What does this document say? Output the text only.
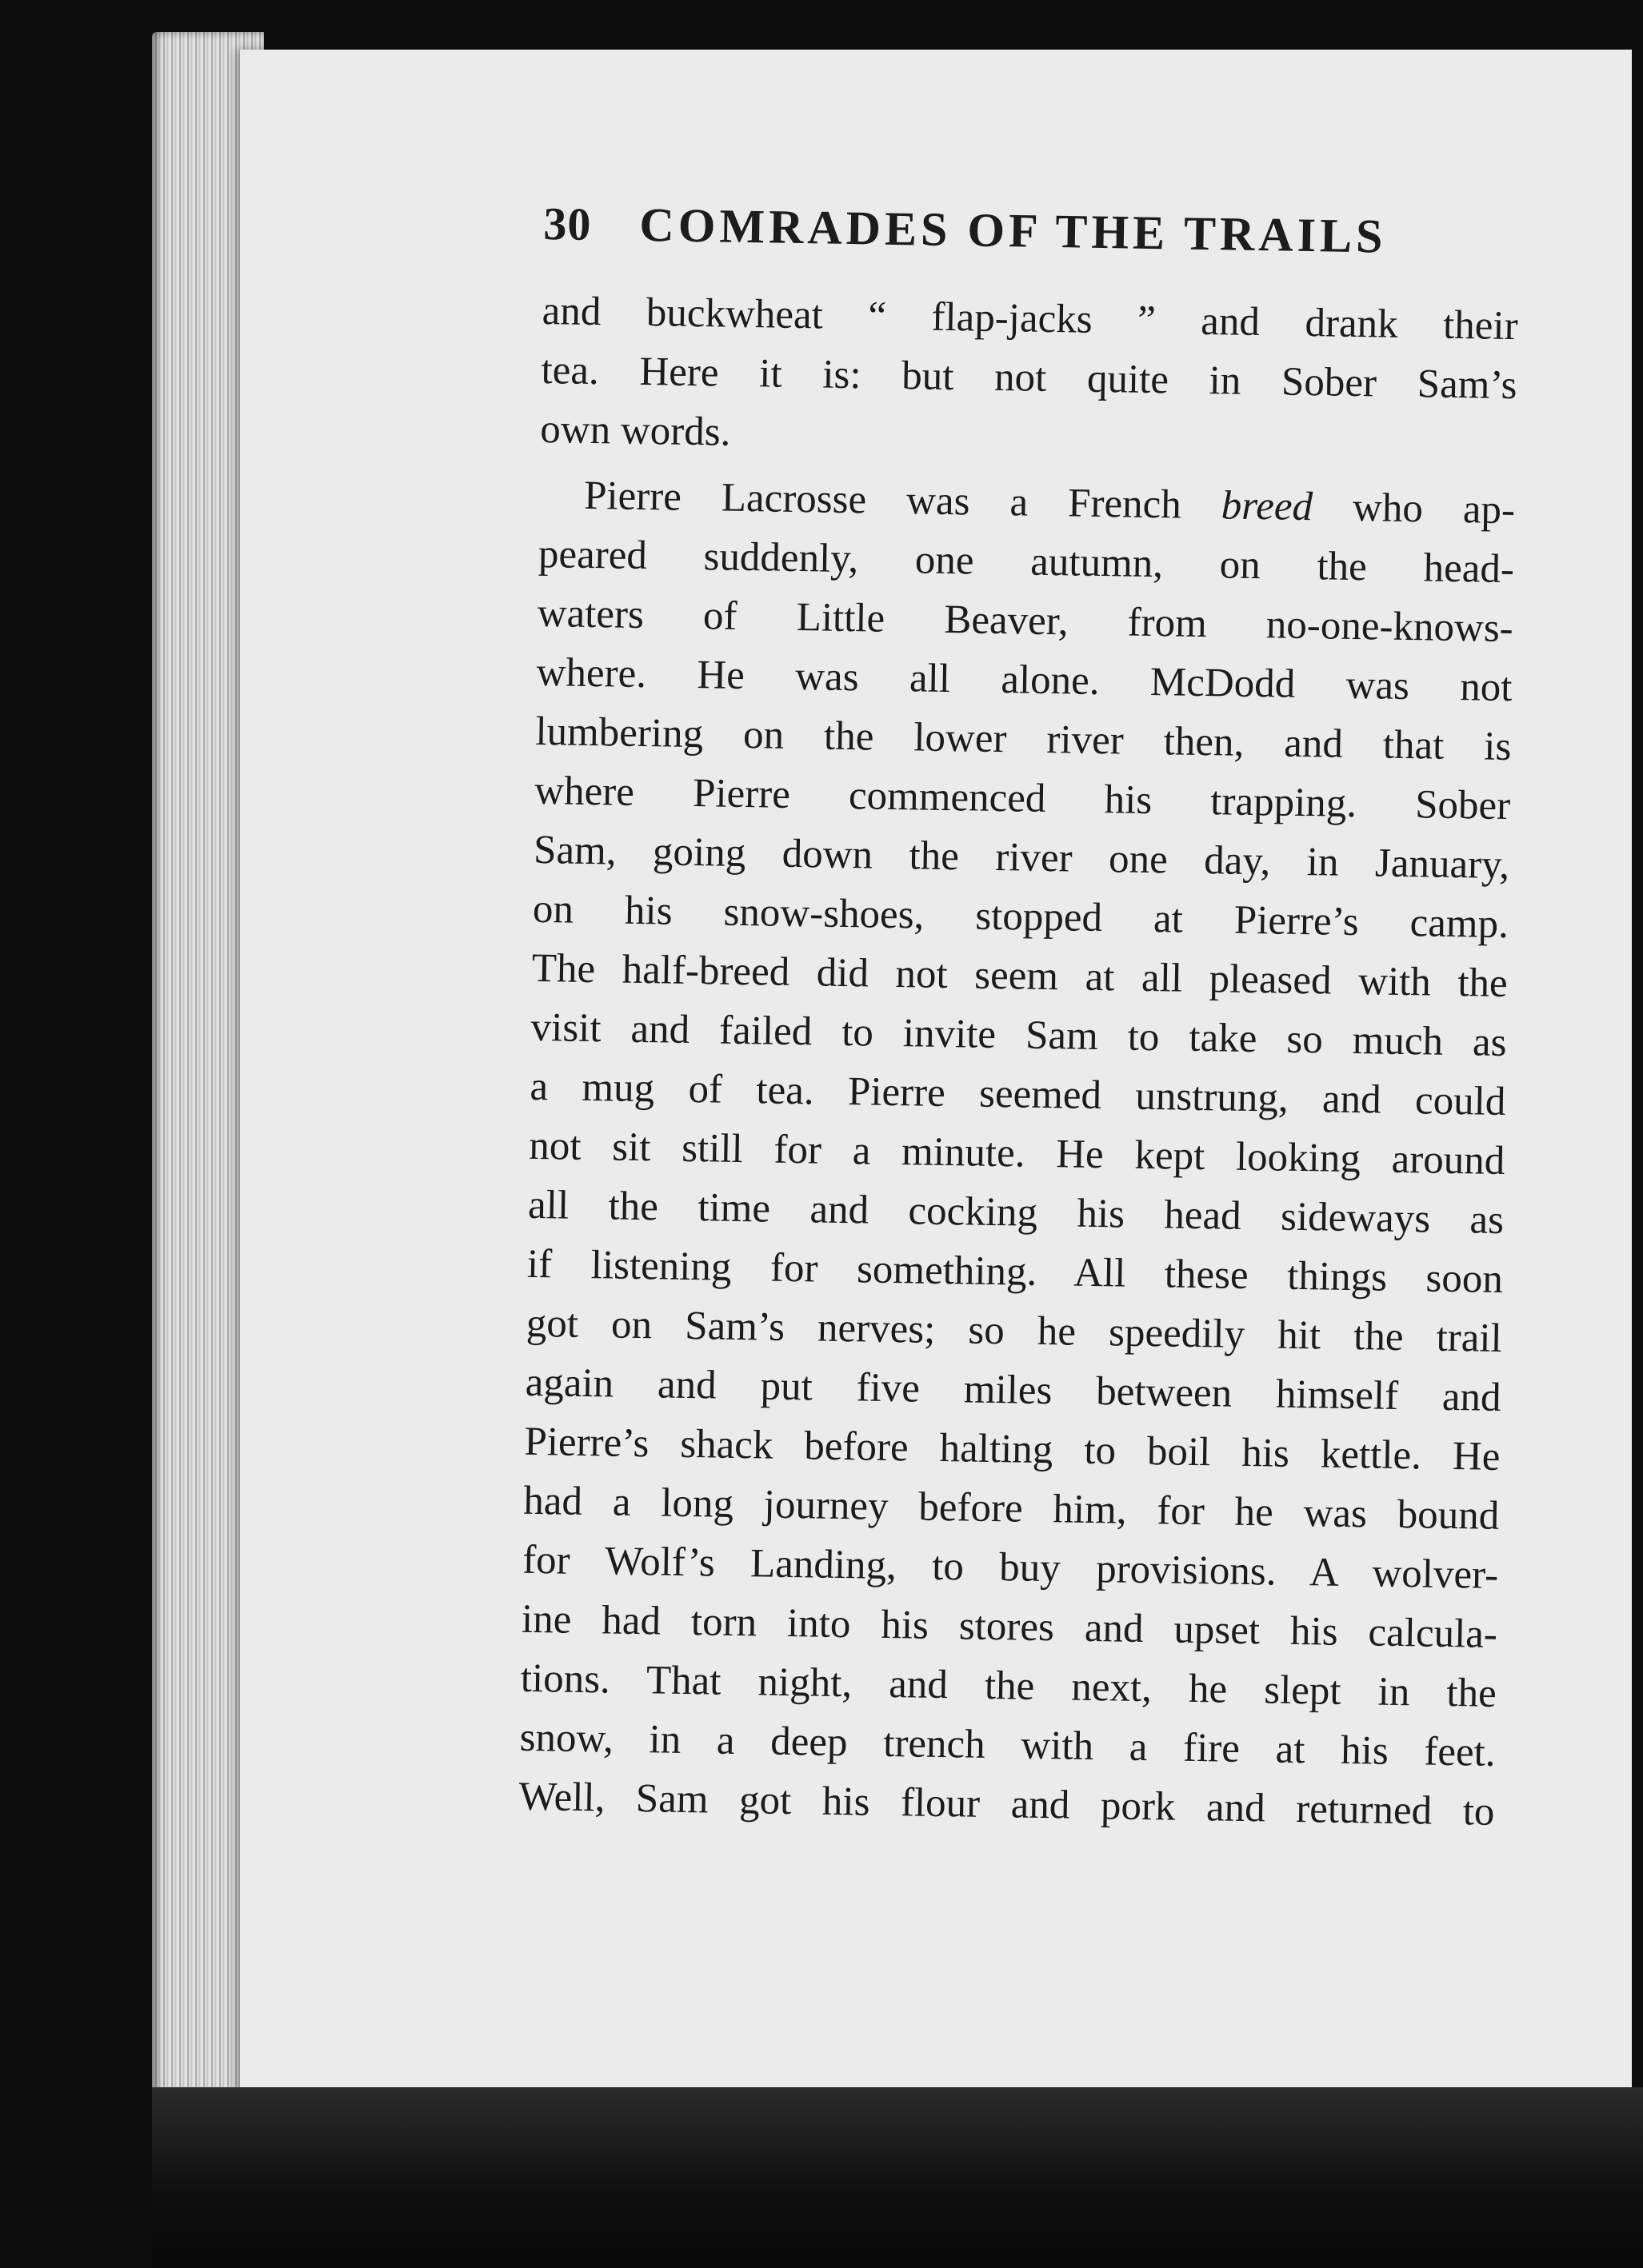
30 COMRADES OF THE TRAILS
and buckwheat “ flap-jacks ” and drank their
tea. Here it is: but not quite in Sober Sam’s
own words.
Pierre Lacrosse was a French breed who ap-
peared suddenly, one autumn, on the head-
waters of Little Beaver, from no-one-knows-
where. He was all alone. McDodd was not
lumbering on the lower river then, and that is
where Pierre commenced his trapping. Sober
Sam, going down the river one day, in January,
on his snow-shoes, stopped at Pierre’s camp.
The half-breed did not seem at all pleased with the
visit and failed to invite Sam to take so much as
a mug of tea. Pierre seemed unstrung, and could
not sit still for a minute. He kept looking around
all the time and cocking his head sideways as
if listening for something. All these things soon
got on Sam’s nerves; so he speedily hit the trail
again and put five miles between himself and
Pierre’s shack before halting to boil his kettle. He
had a long journey before him, for he was bound
for Wolf’s Landing, to buy provisions. A wolver-
ine had torn into his stores and upset his calcula-
tions. That night, and the next, he slept in the
snow, in a deep trench with a fire at his feet.
Well, Sam got his flour and pork and returned to
